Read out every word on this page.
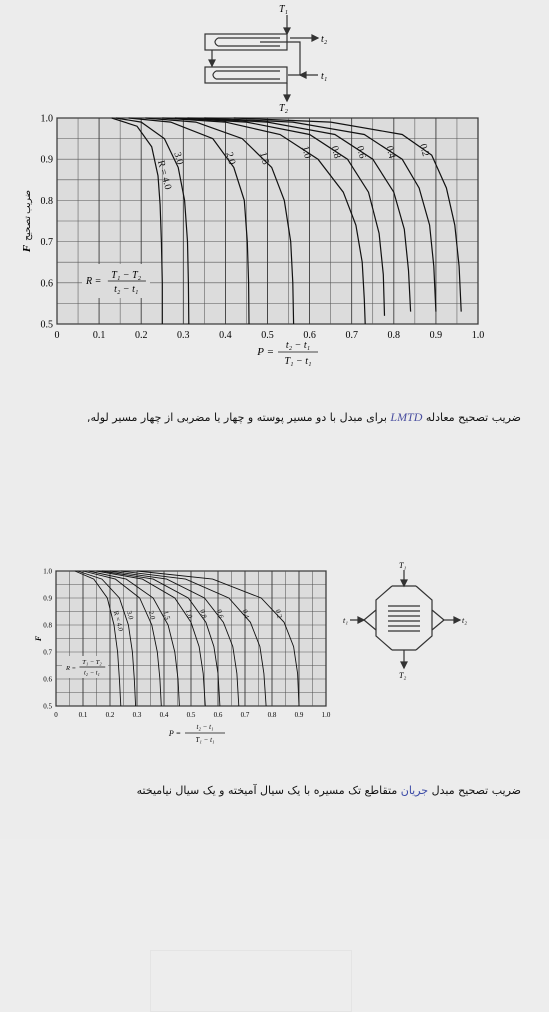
T₁
t₂
t₁
T₂
0	0.1	0.2	0.3	0.4	0.5	0.6	0.7	0.8	0.9	1.0
0.5
0.6
0.7
0.8
0.9
1.0
R = 4.0
3.0	2.0 1.5	1.0 0.8 0.6 0.4 0.2
Fضریب تصحیح
P =
t₂ − t₁
T₁ − t₁
R =
T₁ − T₂
t₂ − t₁
ضریب تصحیح معادله LMTD برای مبدل با دو مسیر پوسته و چهار یا مضربی از چهار مسیر لوله,
T₁
t₁	t₂
T₂
0	0.1	0.2	0.3	0.4	0.5	0.6	0.7	0.8	0.9	1.0
0.5
0.6
0.7
0.8
0.9
1.0
R = 4.0 3.0 2.0 1.5 1.0 0.8 0.6 0.4	0.2
F
P =
t₂ − t₁
T₁ − t₁
R =
T₁ − T₂
t₂ − t₁
ضریب تصحیح مبدل جریان متقاطع تک مسیره با یک سیال آمیخته و یک سیال نیامیخته
